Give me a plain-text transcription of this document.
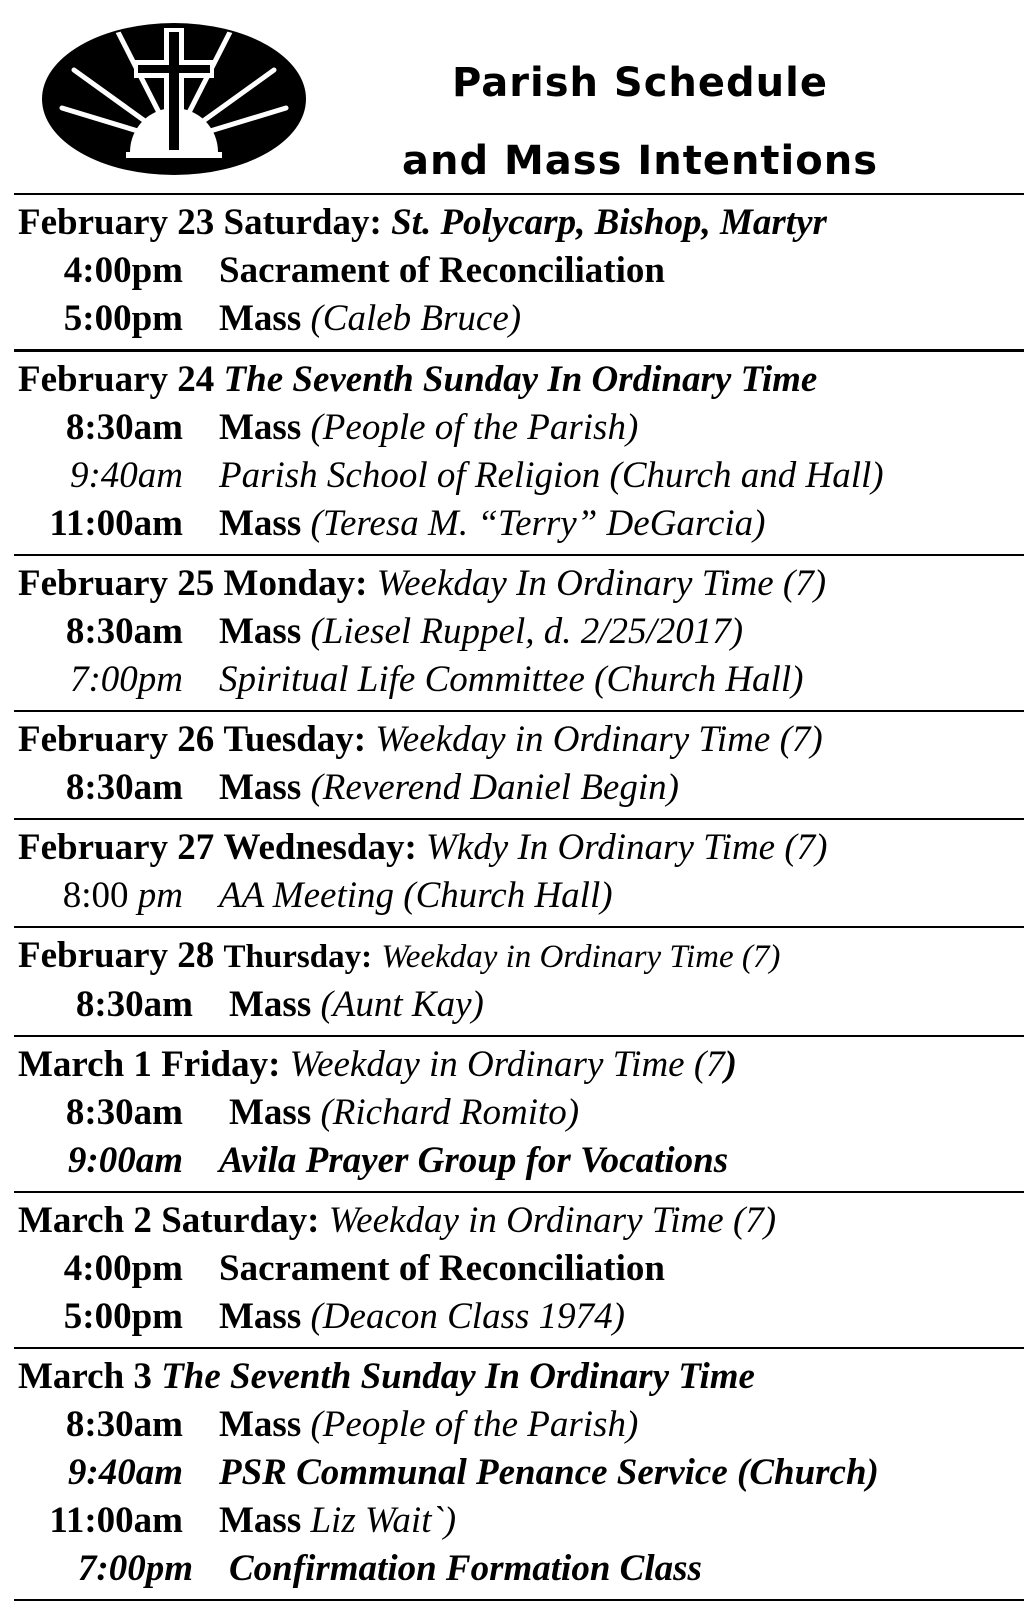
Parish Schedule
and Mass Intentions
February 23 Saturday: St. Polycarp, Bishop, Martyr
4:00pm Sacrament of Reconciliation
5:00pm Mass (Caleb Bruce)
February 24 The Seventh Sunday In Ordinary Time
8:30am Mass (People of the Parish)
9:40am Parish School of Religion (Church and Hall)
11:00am Mass (Teresa M. “Terry” DeGarcia)
February 25 Monday: Weekday In Ordinary Time (7)
8:30am Mass (Liesel Ruppel, d. 2/25/2017)
7:00pm Spiritual Life Committee (Church Hall)
February 26 Tuesday: Weekday in Ordinary Time (7)
8:30am Mass (Reverend Daniel Begin)
February 27 Wednesday: Wkdy In Ordinary Time (7)
8:00 pm AA Meeting (Church Hall)
February 28 Thursday: Weekday in Ordinary Time (7)
8:30am Mass (Aunt Kay)
March 1 Friday: Weekday in Ordinary Time (7)
8:30am	Mass (Richard Romito)
9:00am Avila Prayer Group for Vocations
March 2 Saturday: Weekday in Ordinary Time (7)
4:00pm Sacrament of Reconciliation
5:00pm Mass (Deacon Class 1974)
March 3 The Seventh Sunday In Ordinary Time
8:30am Mass (People of the Parish)
9:40am PSR Communal Penance Service (Church)
11:00am Mass Liz Wait`)
7:00pm Confirmation Formation Class
